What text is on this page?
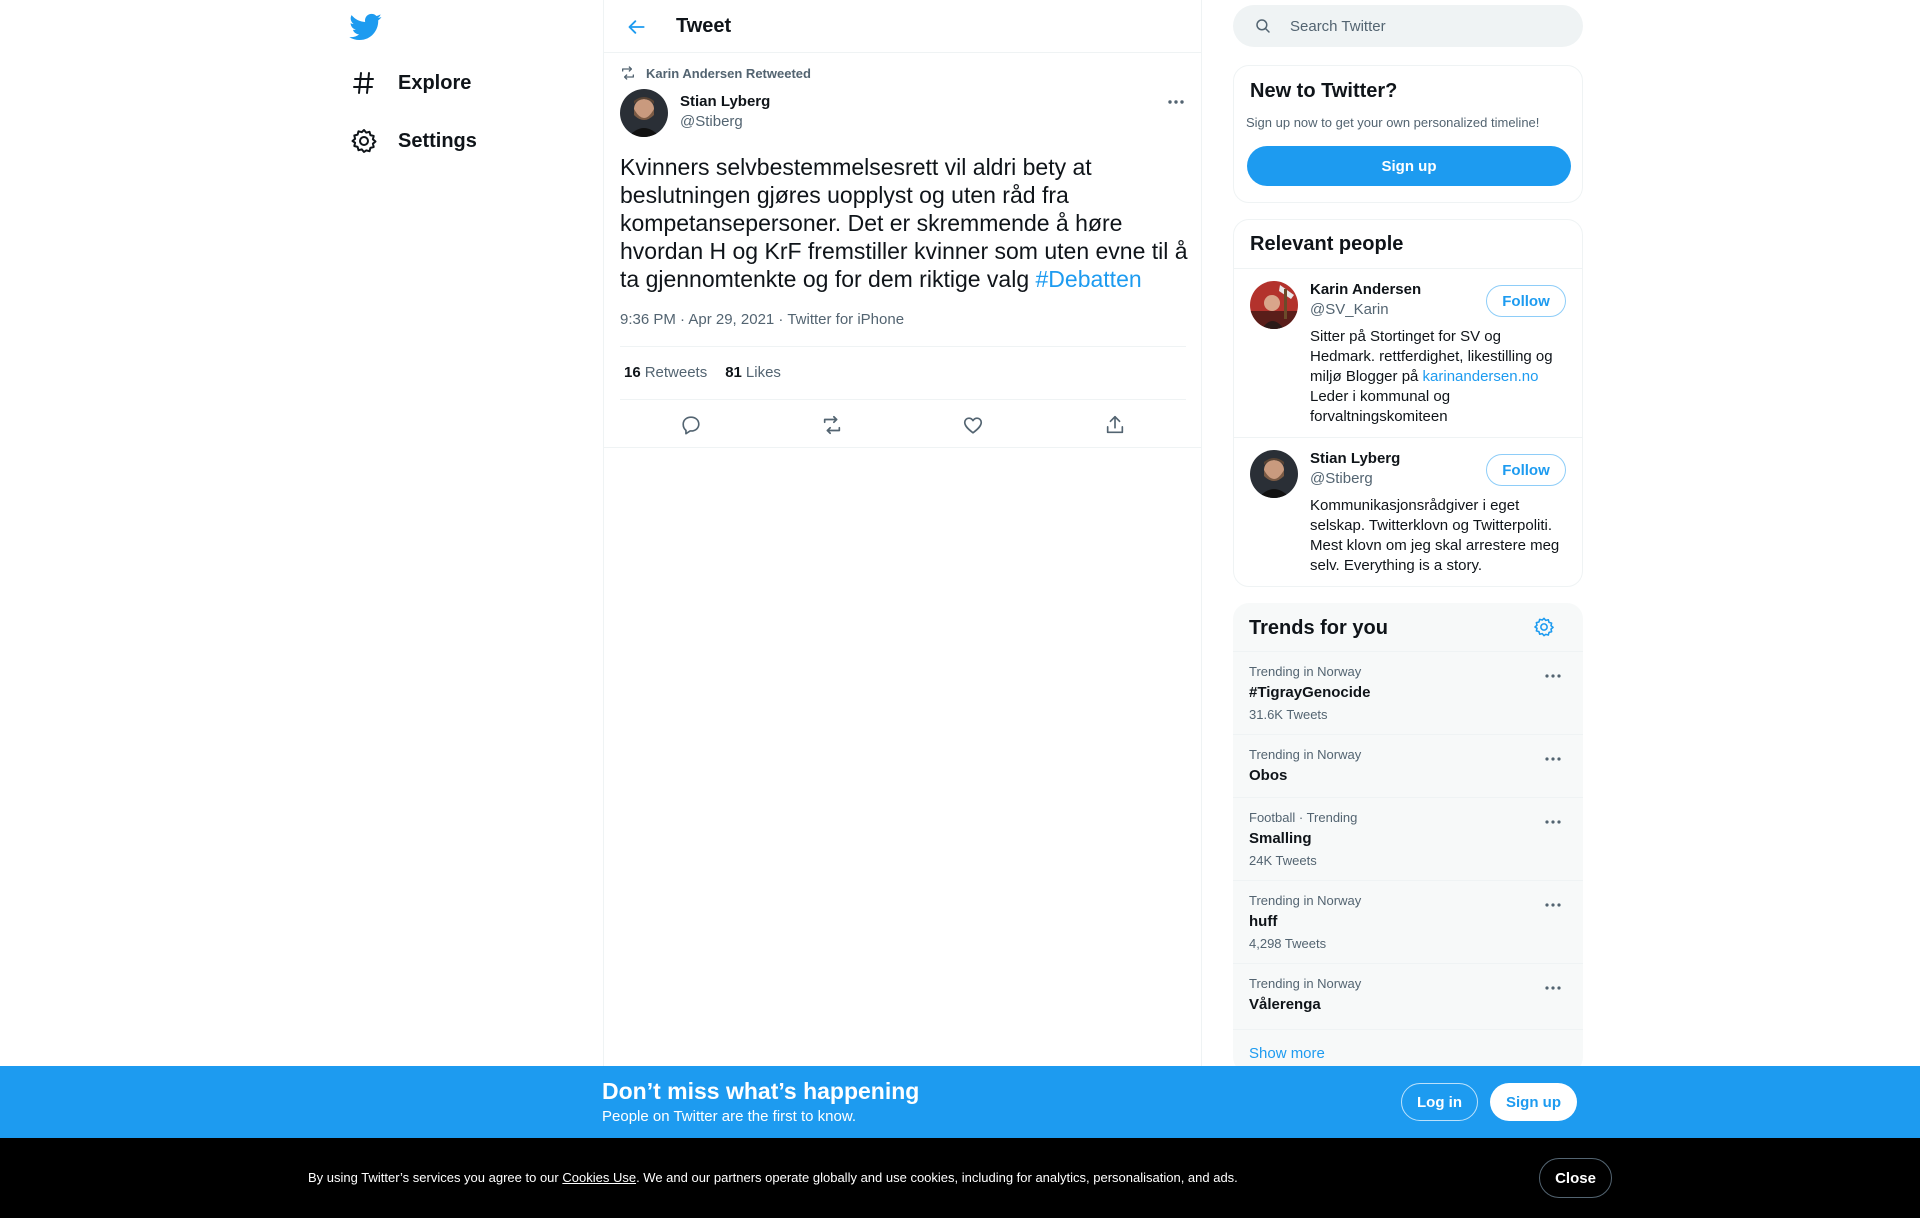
Explore
Settings
Tweet
Karin Andersen Retweeted
Stian Lyberg
@Stiberg
Kvinners selvbestemmelsesrett vil aldri bety at beslutningen gjøres uopplyst og uten råd fra kompetansepersoner. Det er skremmende å høre hvordan H og KrF fremstiller kvinner som uten evne til å ta gjennomtenkte og for dem riktige valg #Debatten
9:36 PM · Apr 29, 2021 · Twitter for iPhone
16 Retweets 81 Likes
Search Twitter
New to Twitter?
Sign up now to get your own personalized timeline!
Sign up
Relevant people
Karin Andersen
@SV_Karin
Sitter på Stortinget for SV og Hedmark. rettferdighet, likestilling og miljø Blogger på karinandersen.no Leder i kommunal og forvaltningskomiteen
Follow
Stian Lyberg
@Stiberg
Kommunikasjonsrådgiver i eget selskap. Twitterklovn og Twitterpoliti. Mest klovn om jeg skal arrestere meg selv. Everything is a story.
Follow
Trends for you
Trending in Norway
#TigrayGenocide
31.6K Tweets
Trending in Norway
Obos
Football · Trending
Smalling
24K Tweets
Trending in Norway
huff
4,298 Tweets
Trending in Norway
Vålerenga
Show more
Don’t miss what’s happening
People on Twitter are the first to know.
Log in	Sign up
By using Twitter’s services you agree to our Cookies Use. We and our partners operate globally and use cookies, including for analytics, personalisation, and ads.	Close
